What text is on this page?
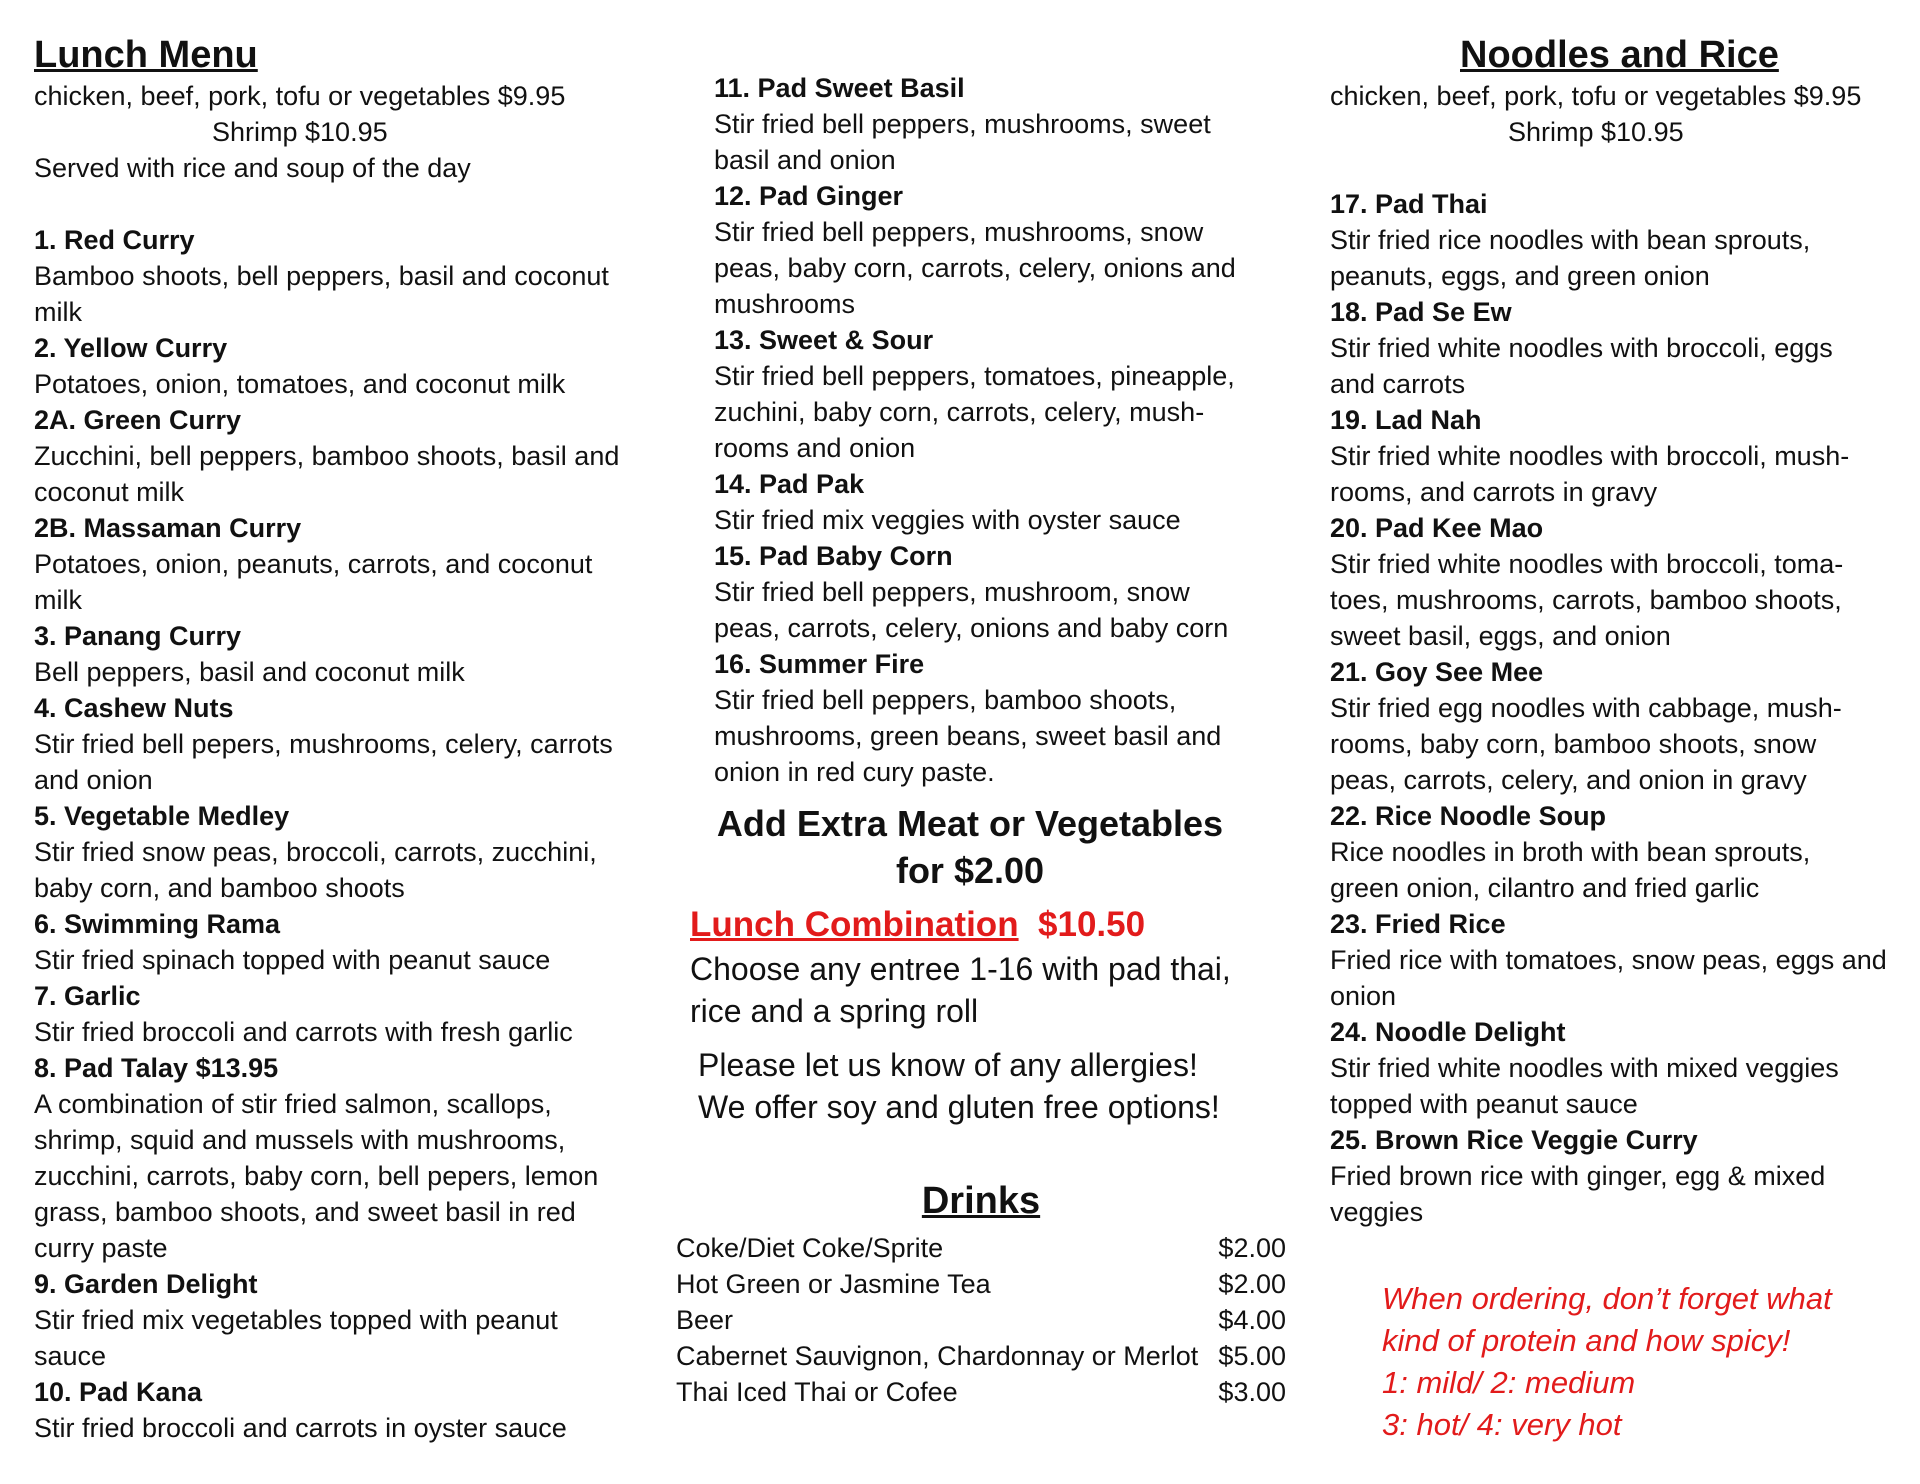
Lunch Menu
chicken, beef, pork, tofu or vegetables $9.95
Shrimp $10.95
Served with rice and soup of the day
1. Red Curry
Bamboo shoots, bell peppers, basil and coconut
milk
2. Yellow Curry
Potatoes, onion, tomatoes, and coconut milk
2A. Green Curry
Zucchini, bell peppers, bamboo shoots, basil and
coconut milk
2B. Massaman Curry
Potatoes, onion, peanuts, carrots, and coconut
milk
3. Panang Curry
Bell peppers, basil and coconut milk
4. Cashew Nuts
Stir fried bell pepers, mushrooms, celery, carrots
and onion
5. Vegetable Medley
Stir fried snow peas, broccoli, carrots, zucchini,
baby corn, and bamboo shoots
6. Swimming Rama
Stir fried spinach topped with peanut sauce
7. Garlic
Stir fried broccoli and carrots with fresh garlic
8. Pad Talay $13.95
A combination of stir fried salmon, scallops,
shrimp, squid and mussels with mushrooms,
zucchini, carrots, baby corn, bell pepers, lemon
grass, bamboo shoots, and sweet basil in red
curry paste
9. Garden Delight
Stir fried mix vegetables topped with peanut
sauce
10. Pad Kana
Stir fried broccoli and carrots in oyster sauce
11. Pad Sweet Basil
Stir fried bell peppers, mushrooms, sweet
basil and onion
12. Pad Ginger
Stir fried bell peppers, mushrooms, snow
peas, baby corn, carrots, celery, onions and
mushrooms
13. Sweet & Sour
Stir fried bell peppers, tomatoes, pineapple,
zuchini, baby corn, carrots, celery, mush-
rooms and onion
14. Pad Pak
Stir fried mix veggies with oyster sauce
15. Pad Baby Corn
Stir fried bell peppers, mushroom, snow
peas, carrots, celery, onions and baby corn
16. Summer Fire
Stir fried bell peppers, bamboo shoots,
mushrooms, green beans, sweet basil and
onion in red cury paste.
Add Extra Meat or Vegetables
for $2.00
Lunch Combination $10.50
Choose any entree 1-16 with pad thai,
rice and a spring roll
Please let us know of any allergies!
We offer soy and gluten free options!
Drinks
Coke/Diet Coke/Sprite	$2.00
Hot Green or Jasmine Tea	$2.00
Beer	$4.00
Cabernet Sauvignon, Chardonnay or Merlot $5.00
Thai Iced Thai or Cofee	$3.00
Noodles and Rice
chicken, beef, pork, tofu or vegetables $9.95
Shrimp $10.95
17. Pad Thai
Stir fried rice noodles with bean sprouts,
peanuts, eggs, and green onion
18. Pad Se Ew
Stir fried white noodles with broccoli, eggs
and carrots
19. Lad Nah
Stir fried white noodles with broccoli, mush-
rooms, and carrots in gravy
20. Pad Kee Mao
Stir fried white noodles with broccoli, toma-
toes, mushrooms, carrots, bamboo shoots,
sweet basil, eggs, and onion
21. Goy See Mee
Stir fried egg noodles with cabbage, mush-
rooms, baby corn, bamboo shoots, snow
peas, carrots, celery, and onion in gravy
22. Rice Noodle Soup
Rice noodles in broth with bean sprouts,
green onion, cilantro and fried garlic
23. Fried Rice
Fried rice with tomatoes, snow peas, eggs and
onion
24. Noodle Delight
Stir fried white noodles with mixed veggies
topped with peanut sauce
25. Brown Rice Veggie Curry
Fried brown rice with ginger, egg & mixed
veggies
When ordering, don’t forget what
kind of protein and how spicy!
1: mild/ 2: medium
3: hot/ 4: very hot
